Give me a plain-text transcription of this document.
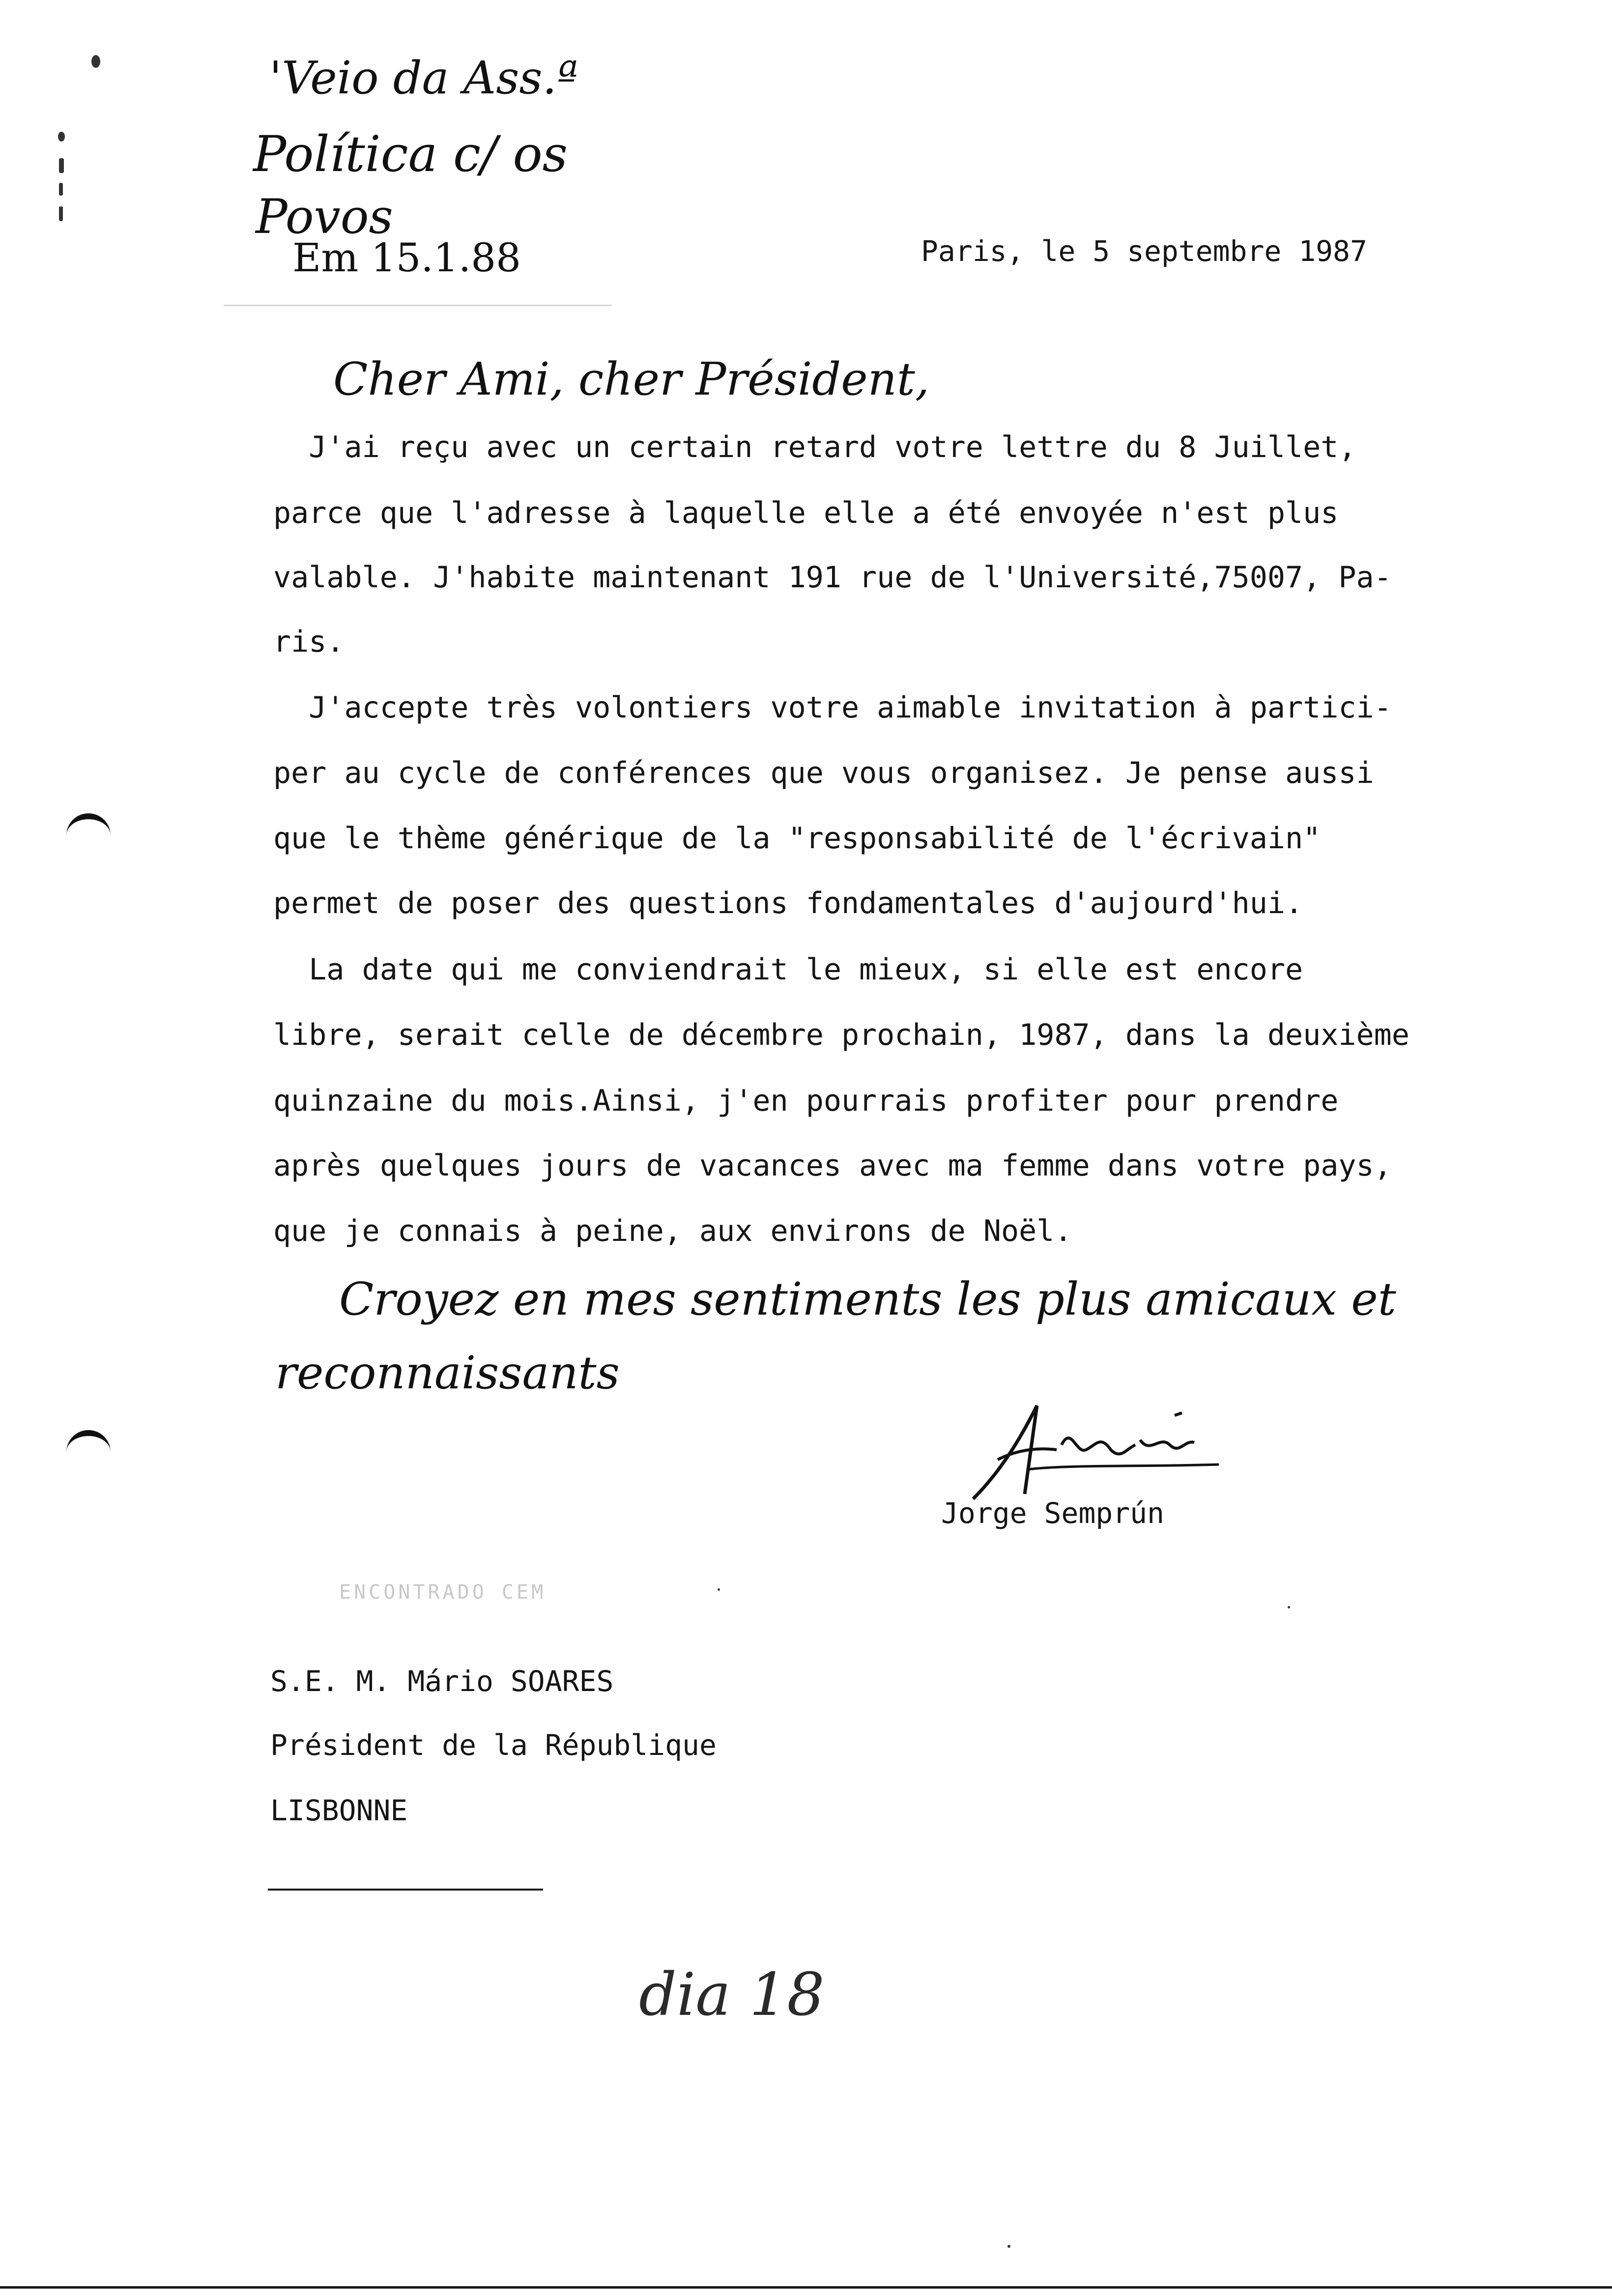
'Veio da Ass.ª
Política c/ os
Povos
Em 15.1.88	Paris, le 5 septembre 1987
Cher Ami, cher Président,
J'ai reçu avec un certain retard votre lettre du 8 Juillet,
parce que l'adresse à laquelle elle a été envoyée n'est plus
valable. J'habite maintenant 191 rue de l'Université,75007, Pa-
ris.
J'accepte très volontiers votre aimable invitation à partici-
per au cycle de conférences que vous organisez. Je pense aussi
que le thème générique de la "responsabilité de l'écrivain"
permet de poser des questions fondamentales d'aujourd'hui.
La date qui me conviendrait le mieux, si elle est encore
libre, serait celle de décembre prochain, 1987, dans la deuxième
quinzaine du mois.Ainsi, j'en pourrais profiter pour prendre
après quelques jours de vacances avec ma femme dans votre pays,
que je connais à peine, aux environs de Noël.
Croyez en mes sentiments les plus amicaux et
reconnaissants
Jorge Semprún
ENCONTRADO CEM
S.E. M. Mário SOARES
Président de la République
LISBONNE
dia 18
